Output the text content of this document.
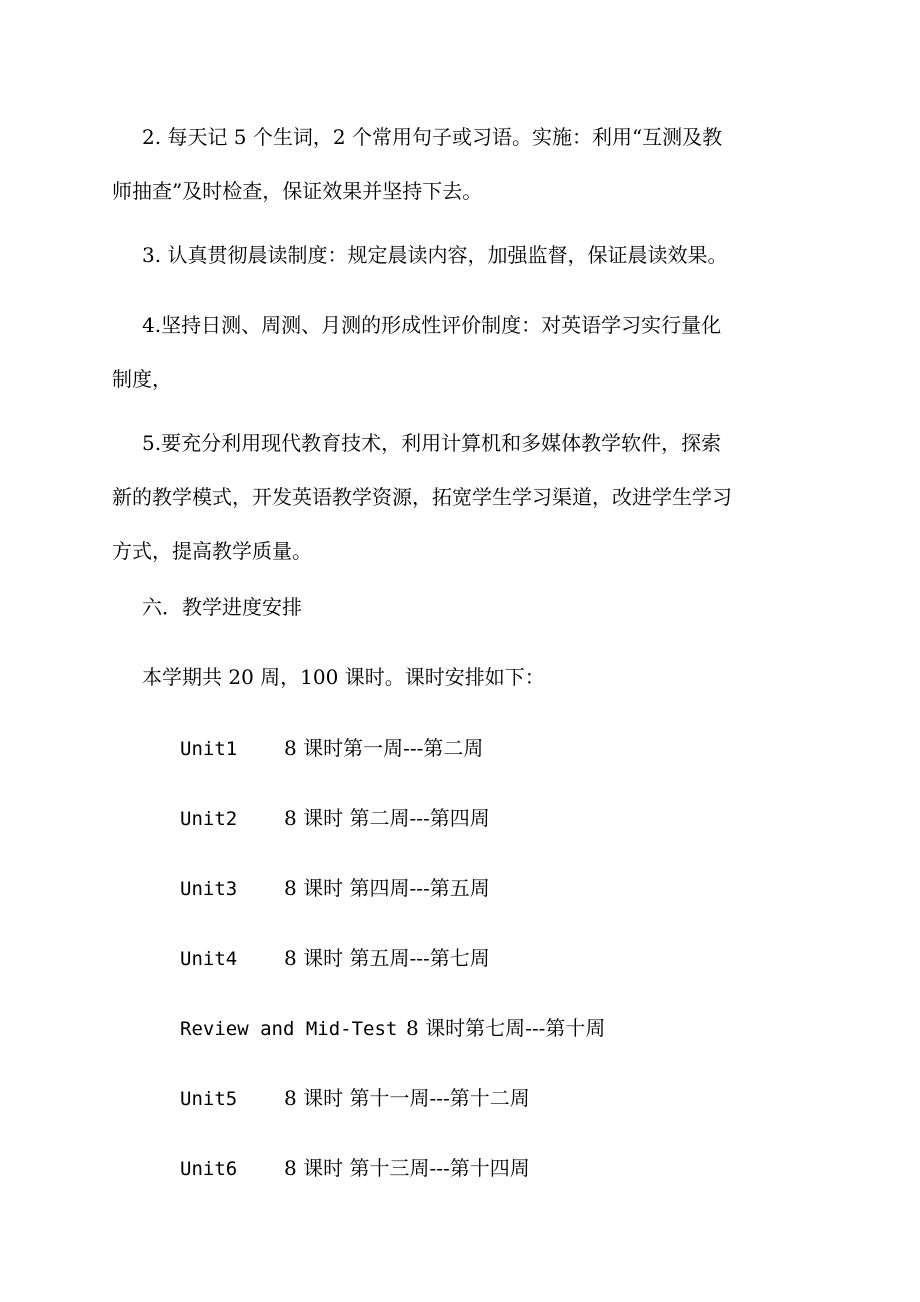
2. 每天记 5 个生词，2 个常用句子或习语。实施：利用“互测及教
师抽查”及时检查，保证效果并坚持下去。
3. 认真贯彻晨读制度：规定晨读内容，加强监督，保证晨读效果。
4.坚持日测、周测、月测的形成性评价制度：对英语学习实行量化
制度，
5.要充分利用现代教育技术，利用计算机和多媒体教学软件，探索
新的教学模式，开发英语教学资源，拓宽学生学习渠道，改进学生学习
方式，提高教学质量。
六．教学进度安排
本学期共 20 周，100 课时。课时安排如下：
Unit1 8 课时第一周---第二周
Unit2 8 课时 第二周---第四周
Unit3 8 课时 第四周---第五周
Unit4 8 课时 第五周---第七周
Review and Mid-Test 8 课时第七周---第十周
Unit5 8 课时 第十一周---第十二周
Unit6 8 课时 第十三周---第十四周
